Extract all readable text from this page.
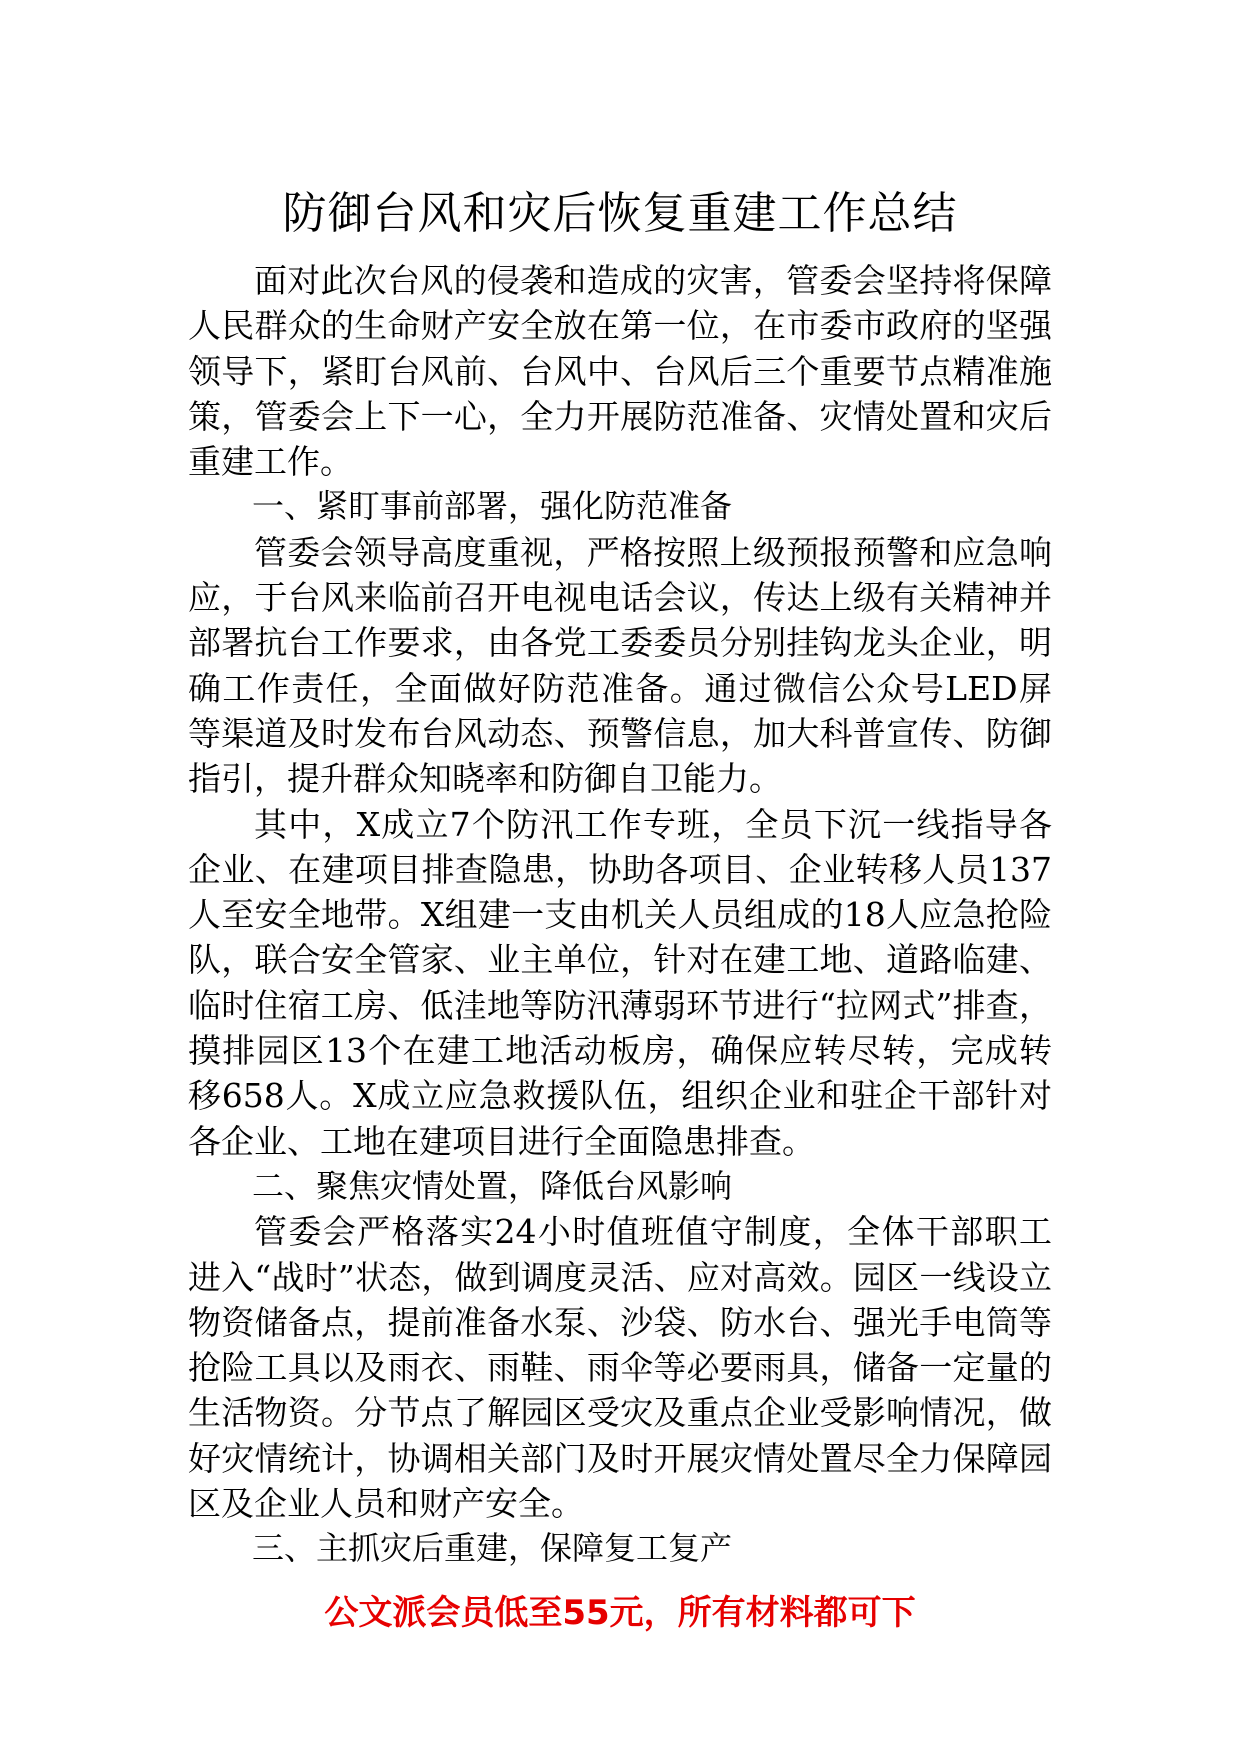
防御台风和灾后恢复重建工作总结

面对此次台风的侵袭和造成的灾害，管委会坚持将保障人民群众的生命财产安全放在第一位，在市委市政府的坚强领导下，紧盯台风前、台风中、台风后三个重要节点精准施策，管委会上下一心，全力开展防范准备、灾情处置和灾后重建工作。

一、紧盯事前部署，强化防范准备

管委会领导高度重视，严格按照上级预报预警和应急响应，于台风来临前召开电视电话会议，传达上级有关精神并部署抗台工作要求，由各党工委委员分别挂钩龙头企业，明确工作责任，全面做好防范准备。通过微信公众号LED屏等渠道及时发布台风动态、预警信息，加大科普宣传、防御指引，提升群众知晓率和防御自卫能力。

其中，X成立7个防汛工作专班，全员下沉一线指导各企业、在建项目排查隐患，协助各项目、企业转移人员137人至安全地带。X组建一支由机关人员组成的18人应急抢险队，联合安全管家、业主单位，针对在建工地、道路临建、临时住宿工房、低洼地等防汛薄弱环节进行“拉网式”排查，摸排园区13个在建工地活动板房，确保应转尽转，完成转移658人。X成立应急救援队伍，组织企业和驻企干部针对各企业、工地在建项目进行全面隐患排查。

二、聚焦灾情处置，降低台风影响

管委会严格落实24小时值班值守制度，全体干部职工进入“战时”状态，做到调度灵活、应对高效。园区一线设立物资储备点，提前准备水泵、沙袋、防水台、强光手电筒等抢险工具以及雨衣、雨鞋、雨伞等必要雨具，储备一定量的生活物资。分节点了解园区受灾及重点企业受影响情况，做好灾情统计，协调相关部门及时开展灾情处置尽全力保障园区及企业人员和财产安全。

三、主抓灾后重建，保障复工复产

公文派会员低至55元，所有材料都可下
